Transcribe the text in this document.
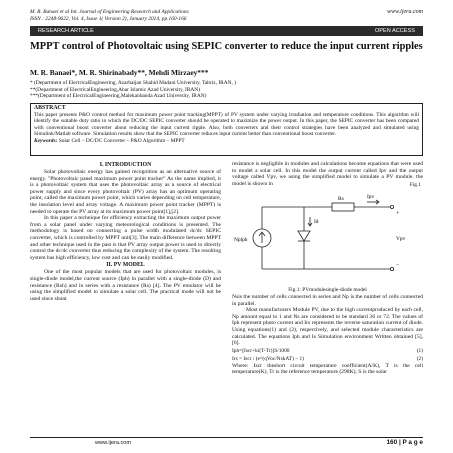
M. R. Banaei et al Int. Journal of Engineering Research and Applications
ISSN : 2248-9622, Vol. 4, Issue 1( Version 2), January 2014, pp.160-166
www.ijera.com
RESEARCH ARTICLE	OPEN ACCESS
MPPT control of Photovoltaic using SEPIC converter to reduce the input current ripples
M. R. Banaei*, M. R. Shirinabady**, Mehdi Mirzaey***
* (Department of ElectricalEngineering, Azarbaijan Shahid Madani University, Tabriz, IRAN, )
**(Department of ElectricalEngineering,Ahar Islamic Azad University, IRAN)
***(Department of ElectricalEngineering,Malekanbanda Azad University, IRAN)
ABSTRACT
This paper presents P&O control method for maximum power point tracking(MPPT) of PV system under varying irradiation and temperature conditions. This algorithm will identify the suitable duty ratio in which the DC/DC SEPIC converter should be operated to maximize the power output. In this paper, the SEPIC converter has been compared with conventional boost converter about reducing the input current ripple. Also, both converters and their control strategies have been analyzed and simulated using Simulink/Matlab software. Simulation results show that the SEPIC converter reduces input current better than conventional boost converter.
Keywords: Solar Cell – DC/DC Converter – P&O Algorithm – MPPT
I. INTRODUCTION

Solar photovoltaic energy has gained recognition as an alternative source of energy. "Photovoltaic panel maximum power point tracker" As the name implied, it is a photovoltaic system that uses the photovoltaic array as a source of electrical power supply and since every photovoltaic (PV) array has an optimum operating point, called the maximum power point, which varies depending on cell temperature, the insolation level and array voltage. A maximum power point tracker (MPPT) is needed to operate the PV array at its maximum power point[1],[2].

In this paper a technique for efficiency extracting the maximum output power from a solar panel under varying meteorological conditions is presented. The methodology is based on connecting a pulse width modulated dc/dc SEPIC converter, which is controlled by MPPT unit[3]. The main difference between MPPT and other technique used in the past is that PV array output power is used to directly control the dc/dc converter thus reducing the complexity of the system. The resulting system has high efficiency, low cost and can be easily modified.

II. PV MODEL

One of the most popular models that are used for photovoltaic modules, is single-diode model,the current source (Iph) in parallel with a single-diode (D) and resistance (Rsh) and in series with a resistance (Rs) [4]. The PV emulator will be using the simplified model to simulate a solar cell. The practical mode will not be used since shunt

resistance is negligible in modules and calculations become equations that were used to model a solar cell. In this model the output current called Ipv and the output voltage called Vpv, we using the simplified model to simulate a PV module. the model is shown in	Fig.1
Rs
Nplph
Id
Ipv
Vpv
+
−
Fig.1: PVmodulesingle-diode model

Nsis the number of cells connected in series and Np is the number of cells connected in parallel.

Most manufacturers Module PV, due to the high currentproduced by each cell, Np amount equal to 1 and Ns are considered to be standard 36 or 72. The values of Iph represent photo current and Irs represents the reverse saturation current of diode. Using equations(1) and (2), respectively, and selected module characteristics are calculated. The equations Iph and Is Simulation environment Written obtained [5], [6].

Iph=[Iscr+ki(T-Tr)]S/1000	(1)
Irs = Iscr / (e^(qVoc/NskAT) − 1)	(2)

Where: Iscr theshort circuit temperature coefficient(A/K), T is the cell temperature(K), Tr is the reference temperature (298K), S is the solar

www.ijera.com	160 | P a g e
